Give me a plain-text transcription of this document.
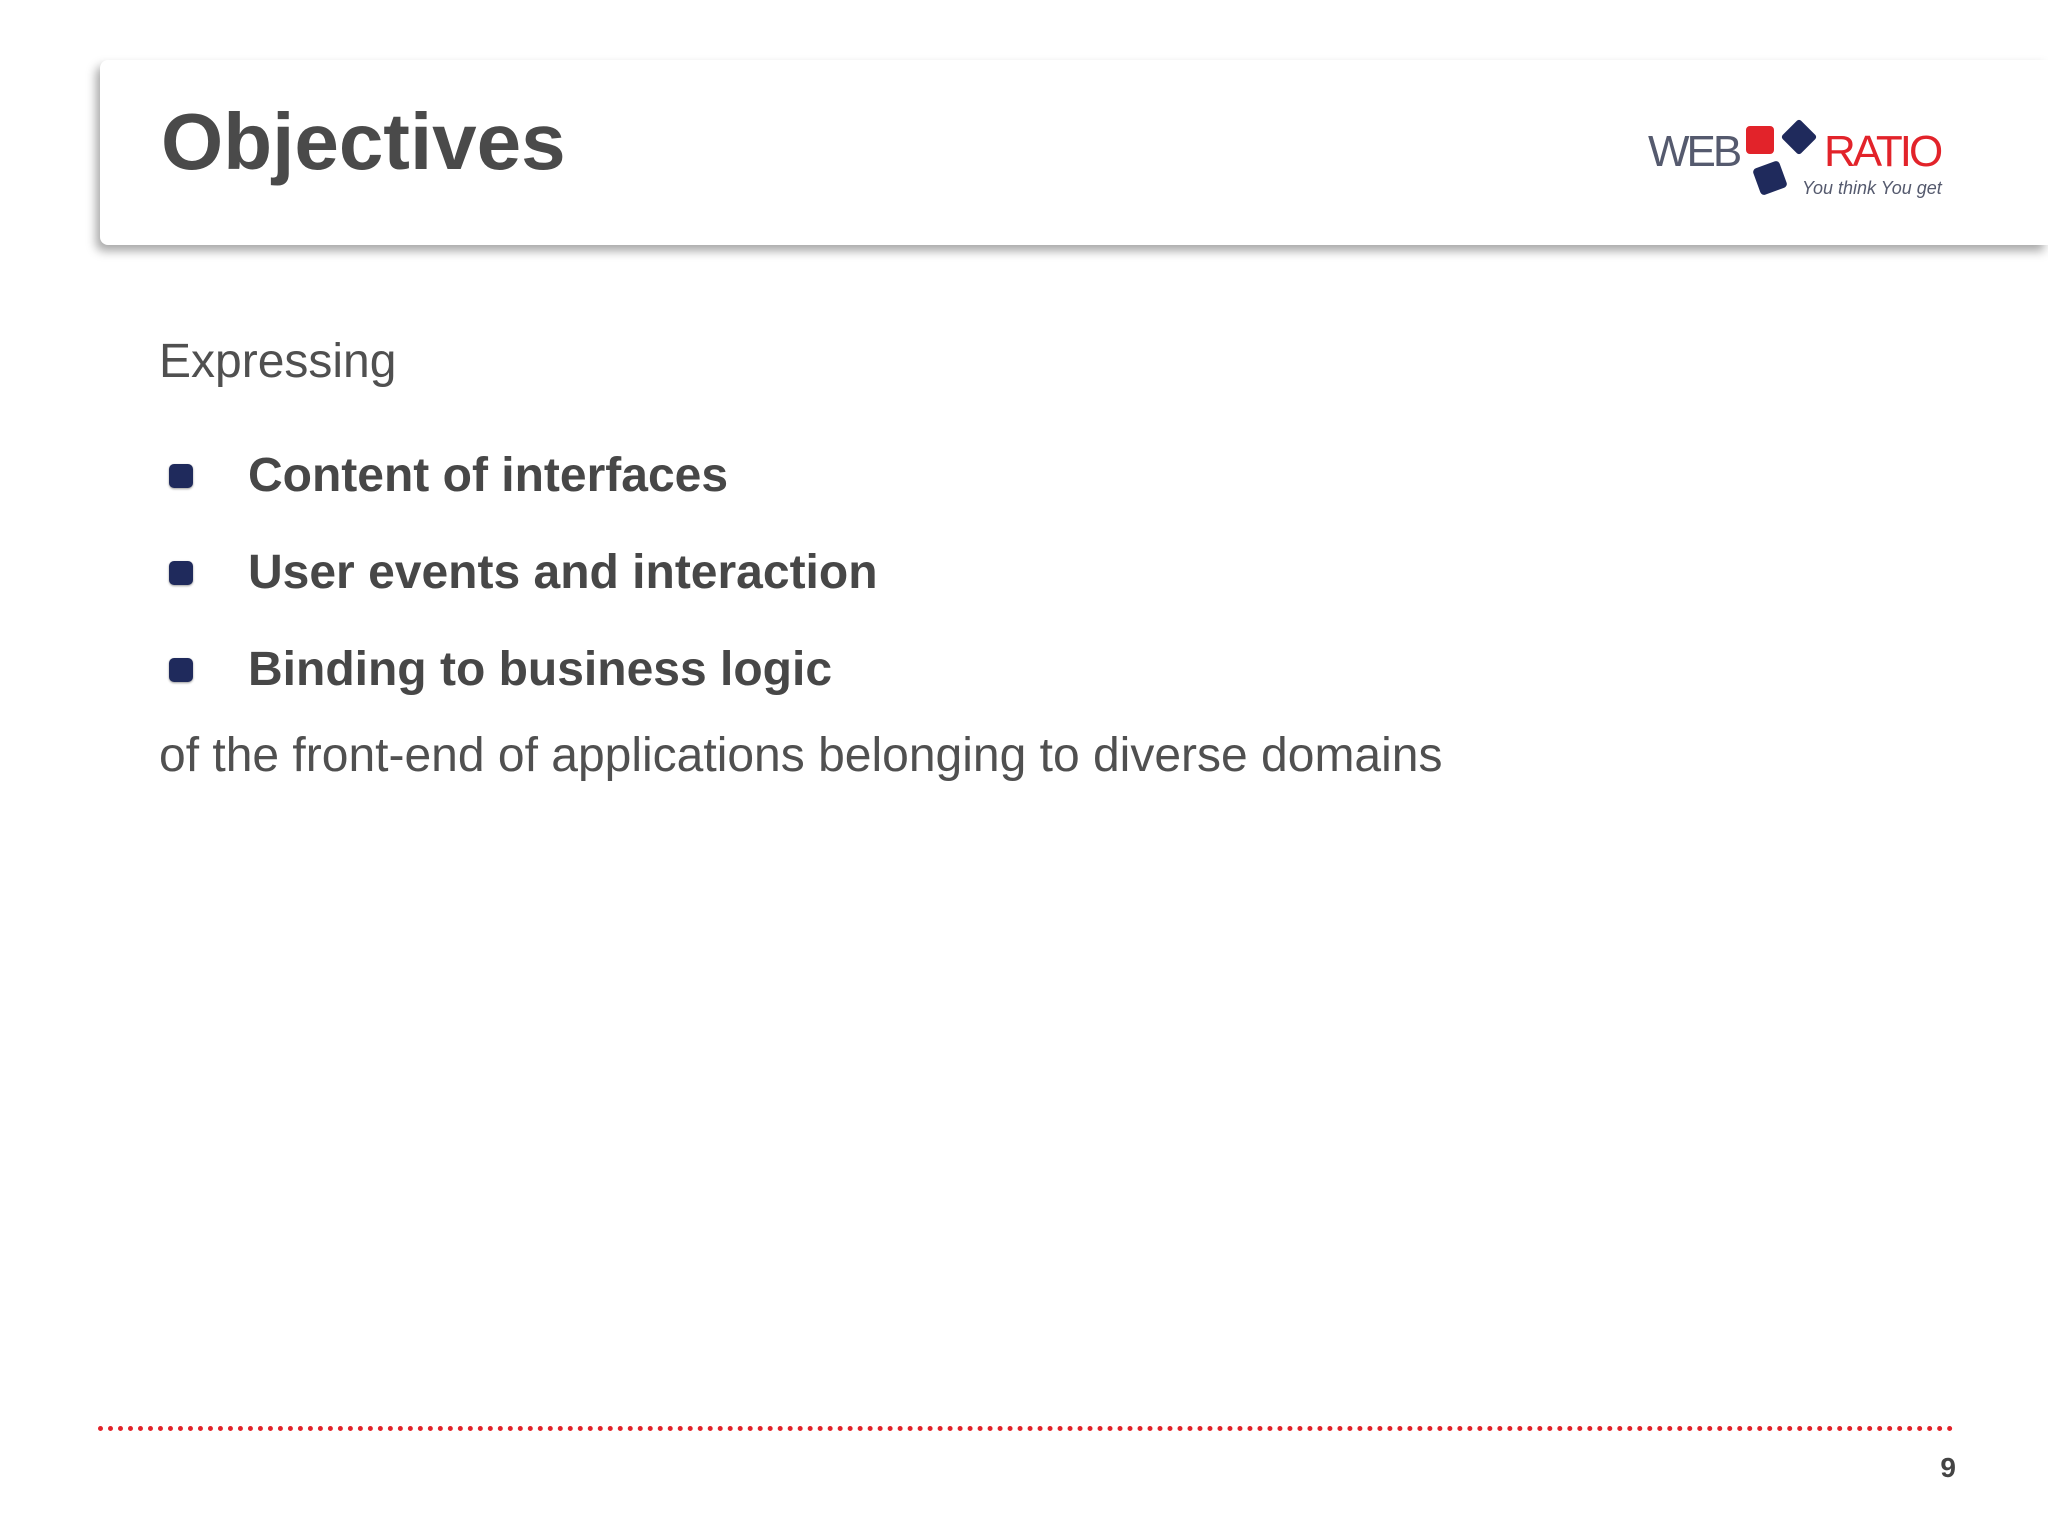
Objectives	WEB RATIO
You think You get
Expressing
Content of interfaces
User events and interaction
Binding to business logic
of the front-end of applications belonging to diverse domains
9
